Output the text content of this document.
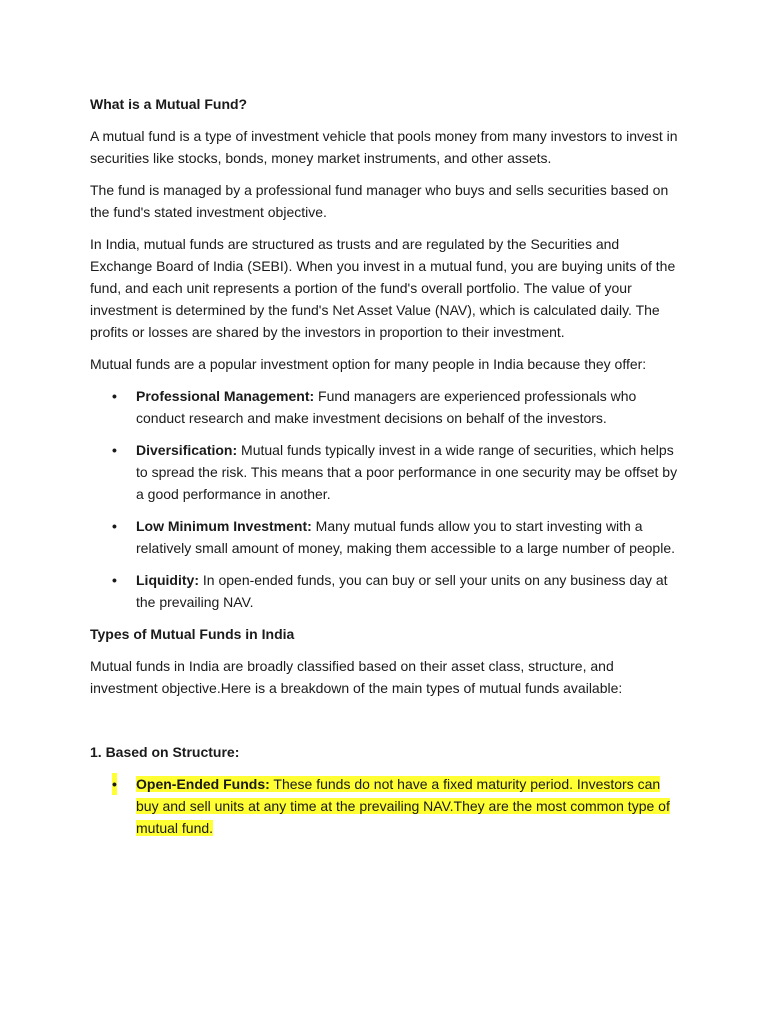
What is a Mutual Fund?

A mutual fund is a type of investment vehicle that pools money from many investors to invest in securities like stocks, bonds, money market instruments, and other assets.

The fund is managed by a professional fund manager who buys and sells securities based on the fund's stated investment objective.

In India, mutual funds are structured as trusts and are regulated by the Securities and Exchange Board of India (SEBI). When you invest in a mutual fund, you are buying units of the fund, and each unit represents a portion of the fund's overall portfolio. The value of your investment is determined by the fund's Net Asset Value (NAV), which is calculated daily. The profits or losses are shared by the investors in proportion to their investment.

Mutual funds are a popular investment option for many people in India because they offer:

• Professional Management: Fund managers are experienced professionals who conduct research and make investment decisions on behalf of the investors.
• Diversification: Mutual funds typically invest in a wide range of securities, which helps to spread the risk. This means that a poor performance in one security may be offset by a good performance in another.
• Low Minimum Investment: Many mutual funds allow you to start investing with a relatively small amount of money, making them accessible to a large number of people.
• Liquidity: In open-ended funds, you can buy or sell your units on any business day at the prevailing NAV.
Types of Mutual Funds in India

Mutual funds in India are broadly classified based on their asset class, structure, and investment objective.Here is a breakdown of the main types of mutual funds available:

1. Based on Structure:
• Open-Ended Funds: These funds do not have a fixed maturity period. Investors can buy and sell units at any time at the prevailing NAV.They are the most common type of mutual fund.
